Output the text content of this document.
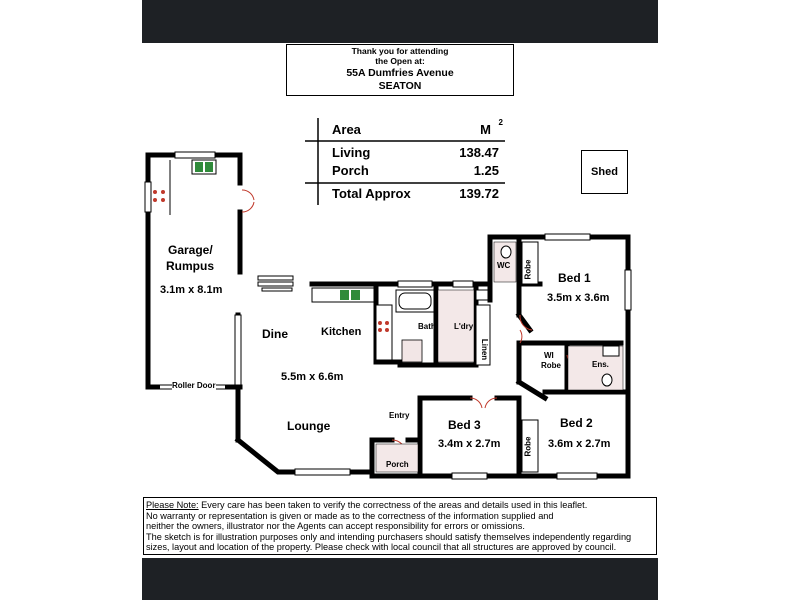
Thank you for attending
the Open at:
55A Dumfries Avenue
SEATON
Area	M 2
Living	138.47
Porch	1.25
Total Approx	139.72
Shed
Garage/
Rumpus
3.1m x 8.1m
Roller Door
Dine	Kitchen
5.5m x 6.6m
Lounge
Entry
Porch
Bath L'dry
Linen
WC Robe Bed 1
3.5m x 3.6m
WI
Robe	Ens.
Bed 2
3.6m x 2.7m
Robe
Bed 3
3.4m x 2.7m
Please Note: Every care has been taken to verify the correctness of the areas and details used in this leaflet.
No warranty or representation is given or made as to the correctness of the information supplied and
neither the owners, illustrator nor the Agents can accept responsibility for errors or omissions.
The sketch is for illustration purposes only and intending purchasers should satisfy themselves independently regarding
sizes, layout and location of the property. Please check with local council that all structures are approved by council.
